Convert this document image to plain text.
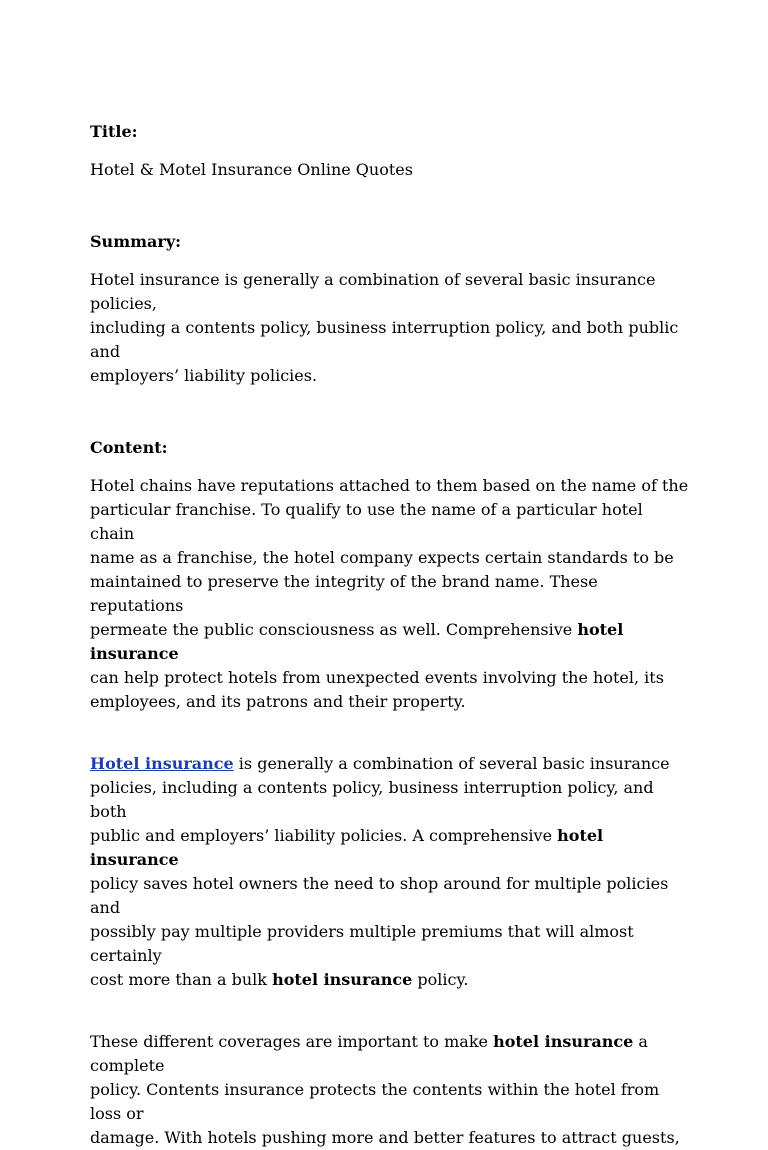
Title:

Hotel & Motel Insurance Online Quotes

Summary:

Hotel insurance is generally a combination of several basic insurance policies,
including a contents policy, business interruption policy, and both public and
employers’ liability policies.

Content:

Hotel chains have reputations attached to them based on the name of the
particular franchise. To qualify to use the name of a particular hotel chain
name as a franchise, the hotel company expects certain standards to be
maintained to preserve the integrity of the brand name. These reputations
permeate the public consciousness as well. Comprehensive hotel insurance
can help protect hotels from unexpected events involving the hotel, its
employees, and its patrons and their property.
Hotel insurance is generally a combination of several basic insurance
policies, including a contents policy, business interruption policy, and both
public and employers’ liability policies. A comprehensive hotel insurance
policy saves hotel owners the need to shop around for multiple policies and
possibly pay multiple providers multiple premiums that will almost certainly
cost more than a bulk hotel insurance policy.
These different coverages are important to make hotel insurance a complete
policy. Contents insurance protects the contents within the hotel from loss or
damage. With hotels pushing more and better features to attract guests,
